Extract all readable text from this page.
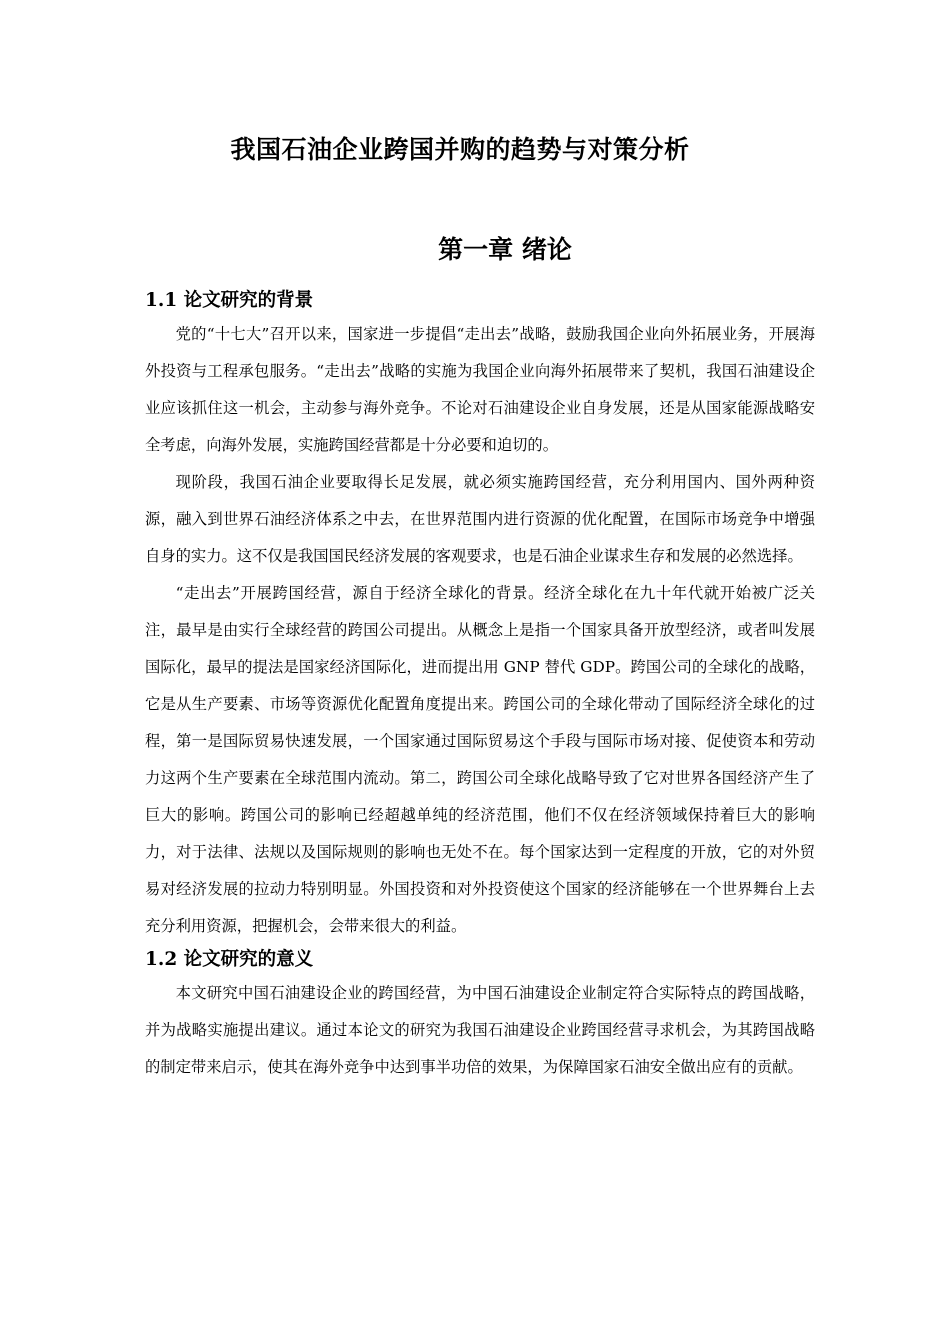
我国石油企业跨国并购的趋势与对策分析
第一章 绪论
1.1 论文研究的背景

党的“十七大”召开以来，国家进一步提倡“走出去”战略，鼓励我国企业向外拓展业务，开展海外投资与工程承包服务。“走出去”战略的实施为我国企业向海外拓展带来了契机，我国石油建设企业应该抓住这一机会，主动参与海外竞争。不论对石油建设企业自身发展，还是从国家能源战略安全考虑，向海外发展，实施跨国经营都是十分必要和迫切的。

现阶段，我国石油企业要取得长足发展，就必须实施跨国经营，充分利用国内、国外两种资源，融入到世界石油经济体系之中去，在世界范围内进行资源的优化配置，在国际市场竞争中增强自身的实力。这不仅是我国国民经济发展的客观要求，也是石油企业谋求生存和发展的必然选择。

“走出去”开展跨国经营，源自于经济全球化的背景。经济全球化在九十年代就开始被广泛关注，最早是由实行全球经营的跨国公司提出。从概念上是指一个国家具备开放型经济，或者叫发展国际化，最早的提法是国家经济国际化，进而提出用 GNP 替代 GDP。跨国公司的全球化的战略，它是从生产要素、市场等资源优化配置角度提出来。跨国公司的全球化带动了国际经济全球化的过程，第一是国际贸易快速发展，一个国家通过国际贸易这个手段与国际市场对接、促使资本和劳动力这两个生产要素在全球范围内流动。第二，跨国公司全球化战略导致了它对世界各国经济产生了巨大的影响。跨国公司的影响已经超越单纯的经济范围，他们不仅在经济领域保持着巨大的影响力，对于法律、法规以及国际规则的影响也无处不在。每个国家达到一定程度的开放，它的对外贸易对经济发展的拉动力特别明显。外国投资和对外投资使这个国家的经济能够在一个世界舞台上去充分利用资源，把握机会，会带来很大的利益。

1.2 论文研究的意义

本文研究中国石油建设企业的跨国经营，为中国石油建设企业制定符合实际特点的跨国战略，并为战略实施提出建议。通过本论文的研究为我国石油建设企业跨国经营寻求机会，为其跨国战略的制定带来启示，使其在海外竞争中达到事半功倍的效果，为保障国家石油安全做出应有的贡献。
